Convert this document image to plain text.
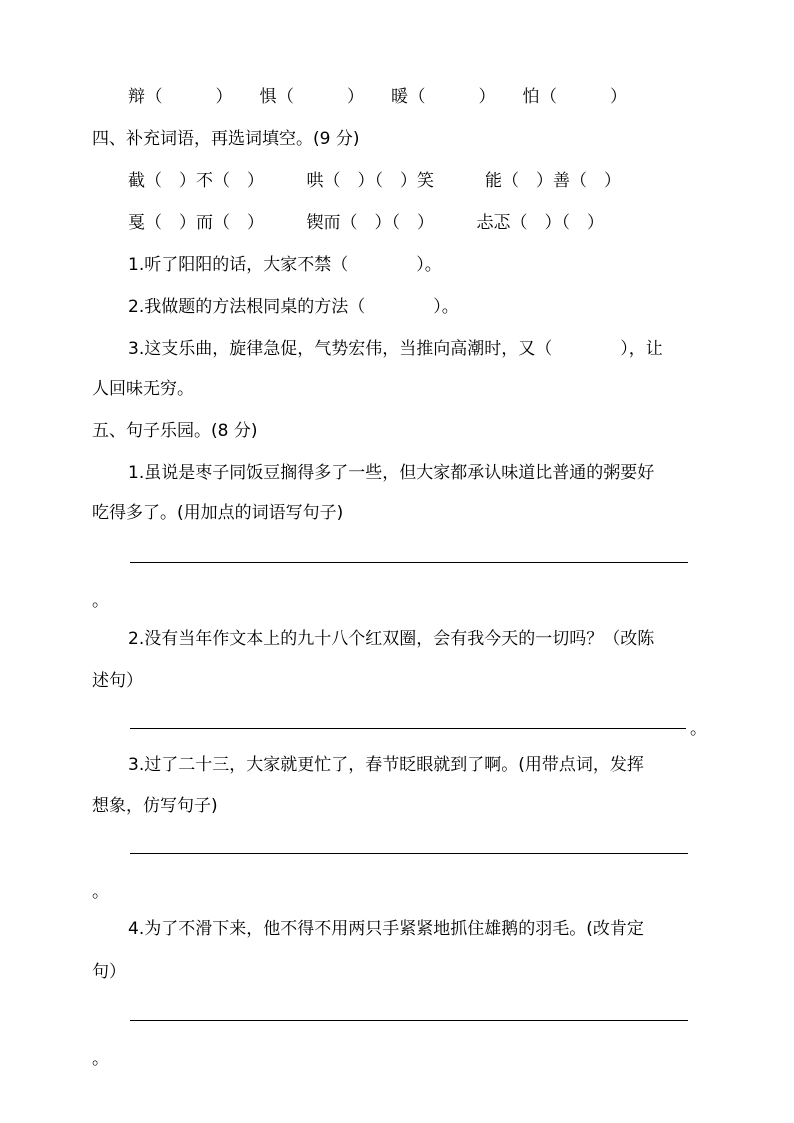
辩（　　　）　　惧（　　　）　　暖（　　　）　　怕（　　　）
四、补充词语，再选词填空。(9 分)
截（　）不（　）　　　哄（　）（　）笑　　　能（　）善（　）
戛（　）而（　）　　　锲而（　）（　）　　　忐忑（　）（　）
1.听了阳阳的话，大家不禁（　　　　）。
2.我做题的方法根同桌的方法（　　　　）。
3.这支乐曲，旋律急促，气势宏伟，当推向高潮时，又（　　　　），让
人回味无穷。
五、句子乐园。(8 分)
1.虽说是枣子同饭豆搁得多了一些，但大家都承认味道比普通的粥要好
吃得多了。(用加点的词语写句子)
。
2.没有当年作文本上的九十八个红双圈，会有我今天的一切吗？（改陈
述句）
。
3.过了二十三，大家就更忙了，春节眨眼就到了啊。(用带点词，发挥
想象，仿写句子)
。
4.为了不滑下来，他不得不用两只手紧紧地抓住雄鹅的羽毛。(改肯定
句）
。
